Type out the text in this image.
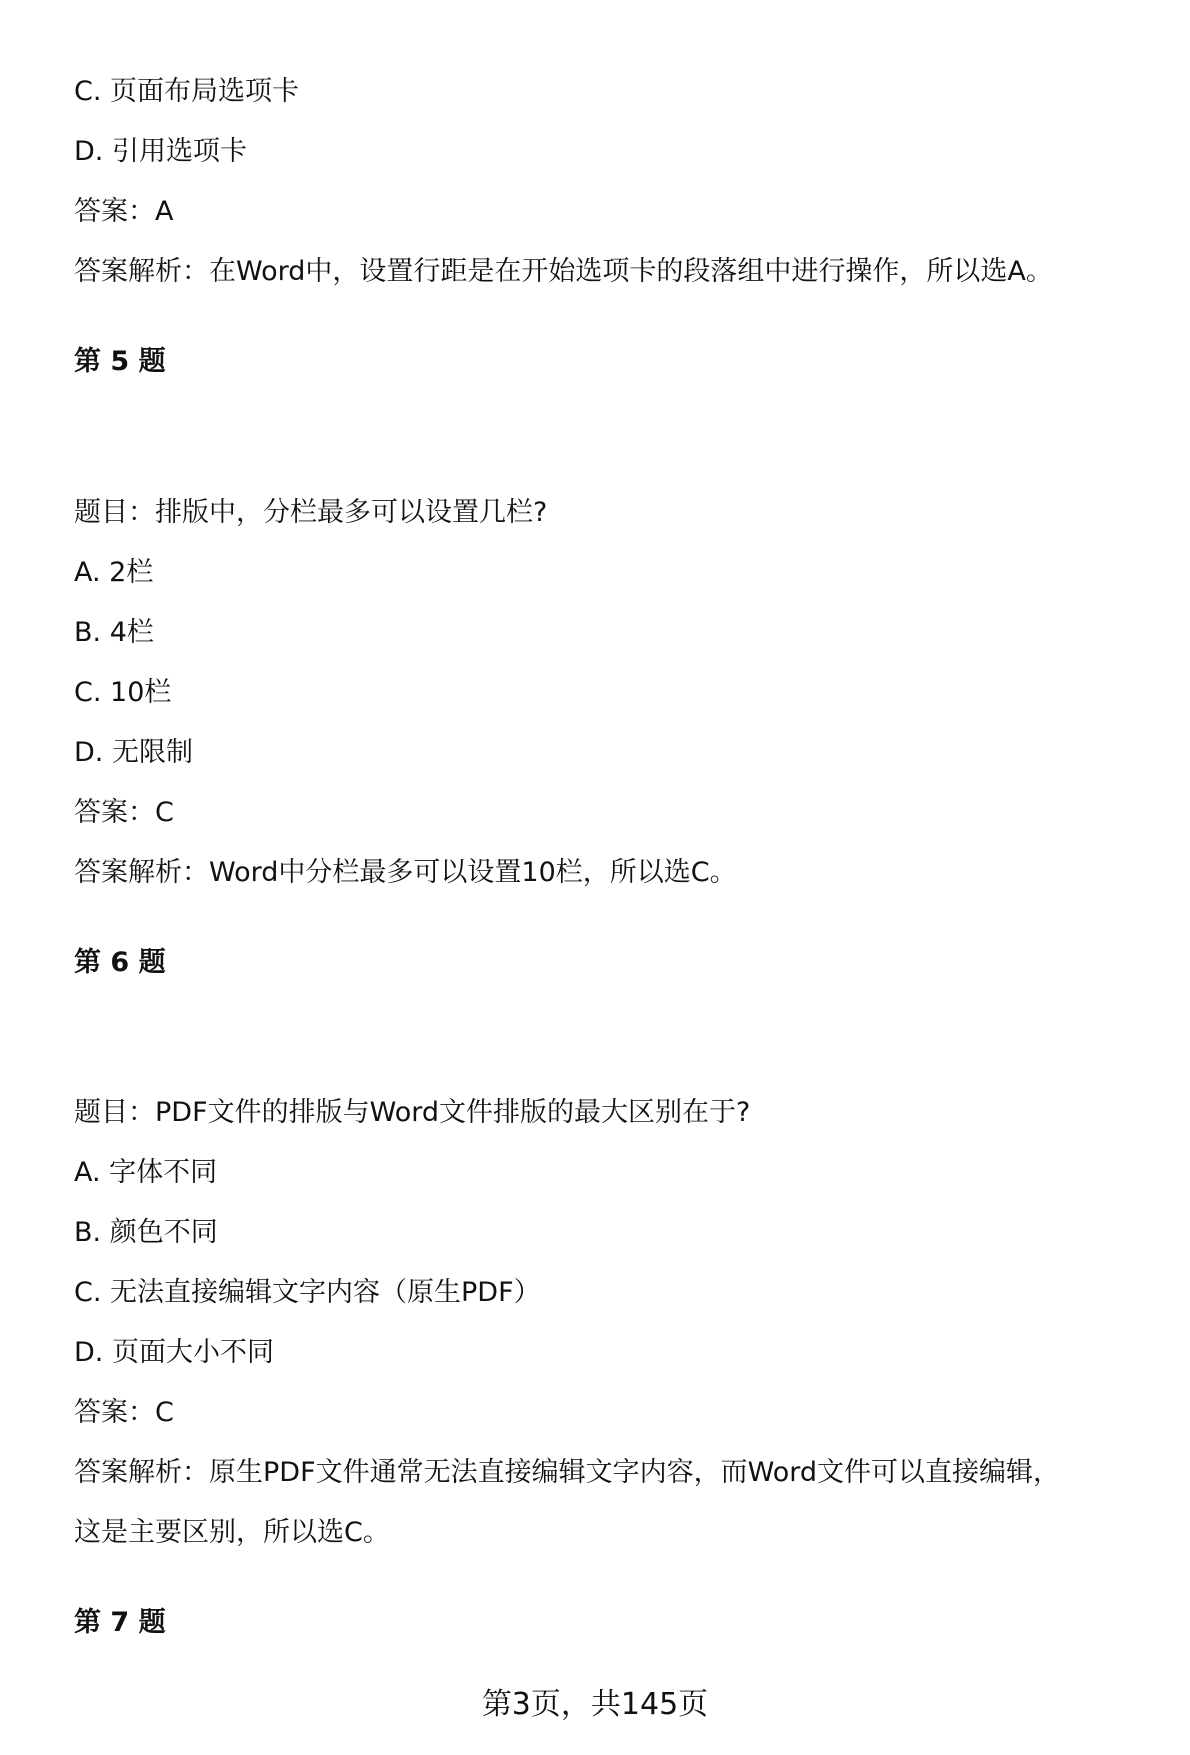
C. 页面布局选项卡
D. 引用选项卡
答案：A
答案解析：在Word中，设置行距是在开始选项卡的段落组中进行操作，所以选A。
第 5 题
题目：排版中，分栏最多可以设置几栏?
A. 2栏
B. 4栏
C. 10栏
D. 无限制
答案：C
答案解析：Word中分栏最多可以设置10栏，所以选C。
第 6 题
题目：PDF文件的排版与Word文件排版的最大区别在于?
A. 字体不同
B. 颜色不同
C. 无法直接编辑文字内容（原生PDF）
D. 页面大小不同
答案：C
答案解析：原生PDF文件通常无法直接编辑文字内容，而Word文件可以直接编辑，
这是主要区别，所以选C。
第 7 题
第3页，共145页
